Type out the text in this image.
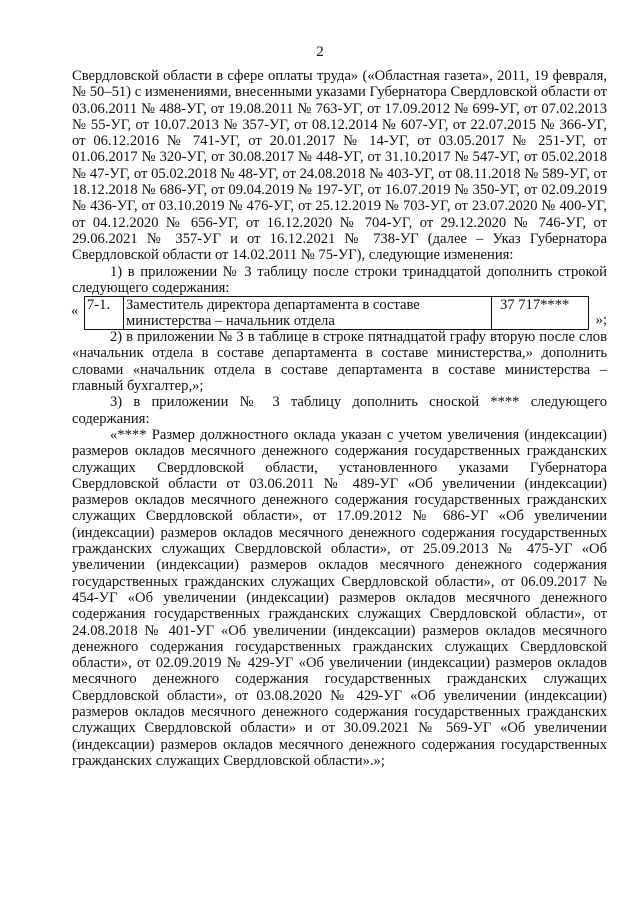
2

Свердловской области в сфере оплаты труда» («Областная газета», 2011, 19 февраля, № 50–51) с изменениями, внесенными указами Губернатора Свердловской области от 03.06.2011 № 488-УГ, от 19.08.2011 № 763-УГ, от 17.09.2012 № 699-УГ, от 07.02.2013 № 55-УГ, от 10.07.2013 № 357-УГ, от 08.12.2014 № 607-УГ, от 22.07.2015 № 366-УГ, от 06.12.2016 № 741-УГ, от 20.01.2017 № 14-УГ, от 03.05.2017 № 251-УГ, от 01.06.2017 № 320-УГ, от 30.08.2017 № 448-УГ, от 31.10.2017 № 547-УГ, от 05.02.2018 № 47-УГ, от 05.02.2018 № 48-УГ, от 24.08.2018 № 403-УГ, от 08.11.2018 № 589-УГ, от 18.12.2018 № 686-УГ, от 09.04.2019 № 197-УГ, от 16.07.2019 № 350-УГ, от 02.09.2019 № 436-УГ, от 03.10.2019 № 476-УГ, от 25.12.2019 № 703-УГ, от 23.07.2020 № 400-УГ, от 04.12.2020 № 656-УГ, от 16.12.2020 № 704-УГ, от 29.12.2020 № 746-УГ, от 29.06.2021 № 357-УГ и от 16.12.2021 № 738-УГ (далее – Указ Губернатора Свердловской области от 14.02.2011 № 75-УГ), следующие изменения:

1) в приложении № 3 таблицу после строки тринадцатой дополнить строкой следующего содержания:

« 7-1.	Заместитель директора департамента в составе министерства – начальник отдела	37 717****
»;

2) в приложении № 3 в таблице в строке пятнадцатой графу вторую после слов «начальник отдела в составе департамента в составе министерства,» дополнить словами «начальник отдела в составе департамента в составе министерства – главный бухгалтер,»;

3) в приложении № 3 таблицу дополнить сноской **** следующего содержания:

«**** Размер должностного оклада указан с учетом увеличения (индексации) размеров окладов месячного денежного содержания государственных гражданских служащих Свердловской области, установленного указами Губернатора Свердловской области от 03.06.2011 № 489-УГ «Об увеличении (индексации) размеров окладов месячного денежного содержания государственных гражданских служащих Свердловской области», от 17.09.2012 № 686-УГ «Об увеличении (индексации) размеров окладов месячного денежного содержания государственных гражданских служащих Свердловской области», от 25.09.2013 № 475-УГ «Об увеличении (индексации) размеров окладов месячного денежного содержания государственных гражданских служащих Свердловской области», от 06.09.2017 № 454-УГ «Об увеличении (индексации) размеров окладов месячного денежного содержания государственных гражданских служащих Свердловской области», от 24.08.2018 № 401-УГ «Об увеличении (индексации) размеров окладов месячного денежного содержания государственных гражданских служащих Свердловской области», от 02.09.2019 № 429-УГ «Об увеличении (индексации) размеров окладов месячного денежного содержания государственных гражданских служащих Свердловской области», от 03.08.2020 № 429-УГ «Об увеличении (индексации) размеров окладов месячного денежного содержания государственных гражданских служащих Свердловской области» и от 30.09.2021 № 569-УГ «Об увеличении (индексации) размеров окладов месячного денежного содержания государственных гражданских служащих Свердловской области».»;
